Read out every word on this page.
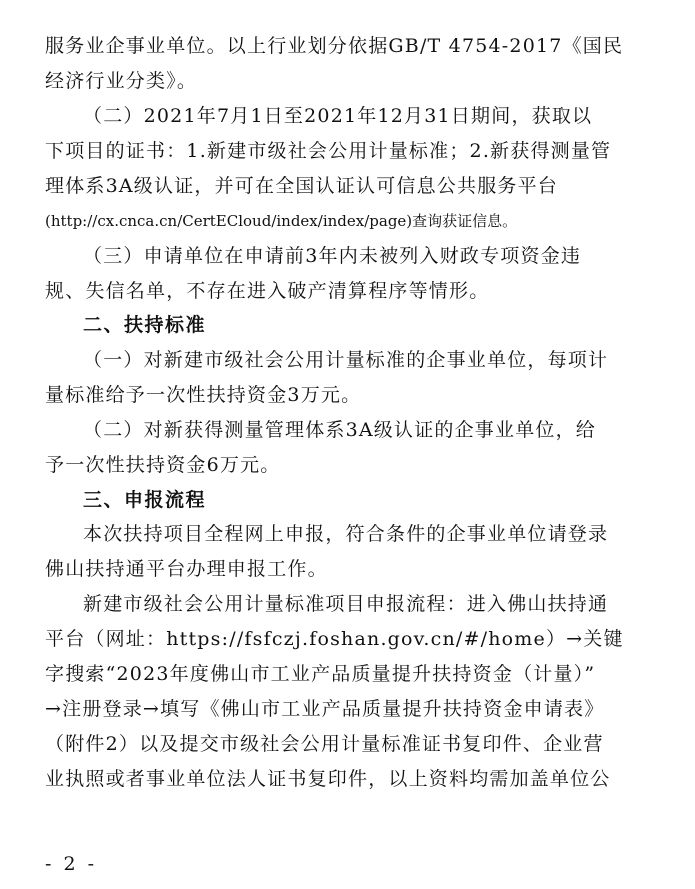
服务业企事业单位。以上行业划分依据GB/T 4754-2017《国民
经济行业分类》。
（二）2021年7月1日至2021年12月31日期间，获取以
下项目的证书：1.新建市级社会公用计量标准；2.新获得测量管
理体系3A级认证，并可在全国认证认可信息公共服务平台
(http://cx.cnca.cn/CertECloud/index/index/page)查询获证信息。
（三）申请单位在申请前3年内未被列入财政专项资金违
规、失信名单，不存在进入破产清算程序等情形。
二、扶持标准
（一）对新建市级社会公用计量标准的企事业单位，每项计
量标准给予一次性扶持资金3万元。
（二）对新获得测量管理体系3A级认证的企事业单位，给
予一次性扶持资金6万元。
三、申报流程
本次扶持项目全程网上申报，符合条件的企事业单位请登录
佛山扶持通平台办理申报工作。
新建市级社会公用计量标准项目申报流程：进入佛山扶持通
平台（网址：https://fsfczj.foshan.gov.cn/#/home）→关键
字搜索“2023年度佛山市工业产品质量提升扶持资金（计量）”
→注册登录→填写《佛山市工业产品质量提升扶持资金申请表》
（附件2）以及提交市级社会公用计量标准证书复印件、企业营
业执照或者事业单位法人证书复印件，以上资料均需加盖单位公
- 2 -
